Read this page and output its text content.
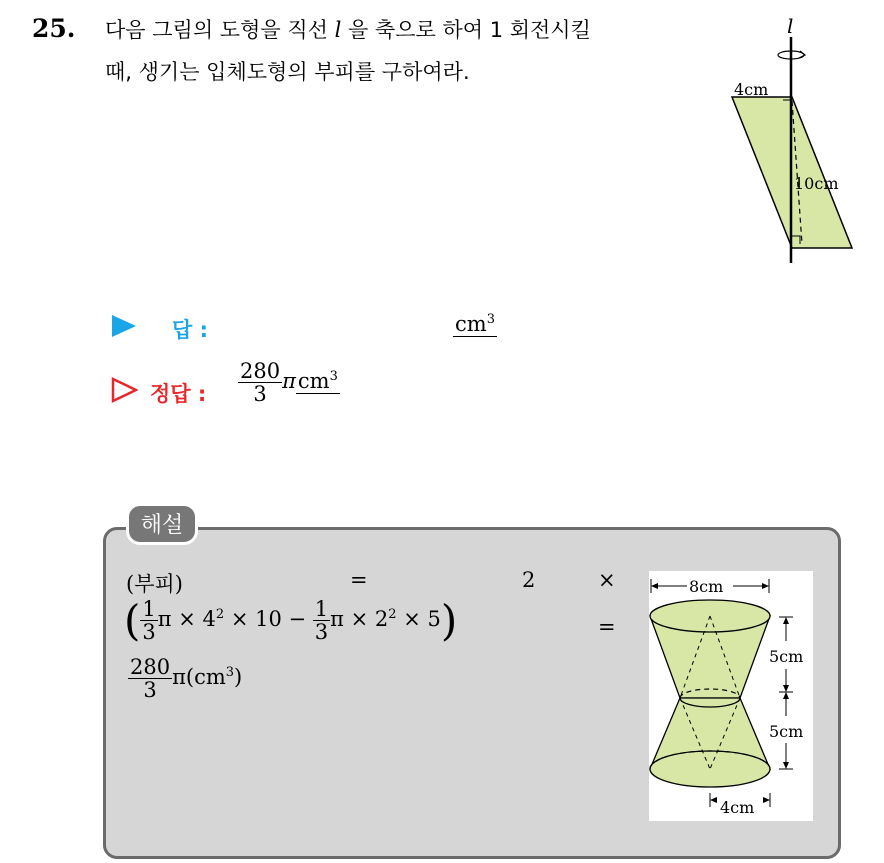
25. 다음 그림의 도형을 직선 l 을 축으로 하여 1 회전시킬
때, 생기는 입체도형의 부피를 구하여라.
l
4cm
10cm
답 :	$cm^3$
정답 : $\frac{280}{3} \pi cm^3$
해설
(부피)	=	2	×
( $\frac{1}{3}$ $\pi \times 4^2 \times 10 - \frac{1}{3}$ $\pi \times 2^2 \times 5$)	=
$\frac{280}{3} \pi(cm^3)$
8cm
5cm
5cm
4cm
